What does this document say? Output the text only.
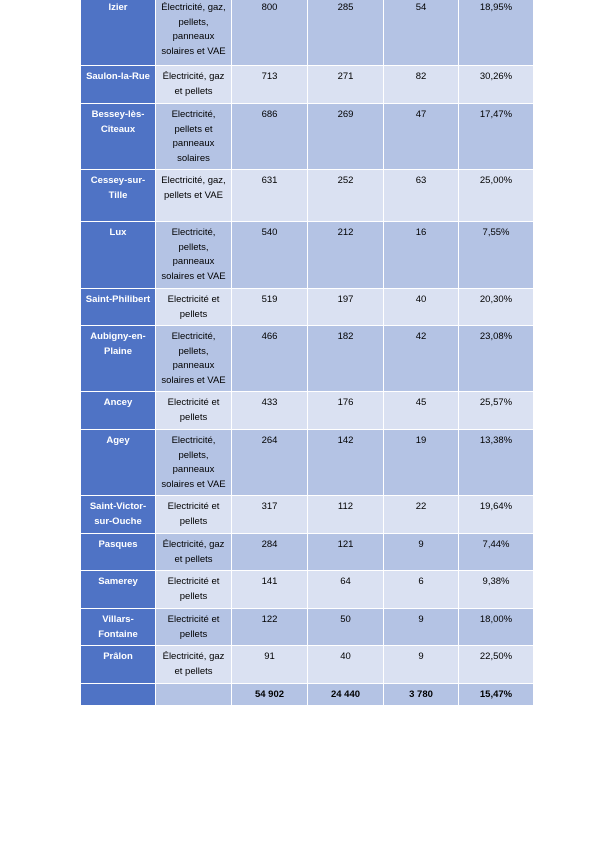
Izier	Électricité, gaz, pellets, panneaux solaires et VAE	800	285	54	18,95%
Saulon-la-Rue	Électricité, gaz et pellets	713	271	82	30,26%
Bessey-lès-Cîteaux	Electricité, pellets et panneaux solaires	686	269	47	17,47%
Cessey-sur-Tille	Electricité, gaz, pellets et VAE	631	252	63	25,00%
Lux	Electricité, pellets, panneaux solaires et VAE	540	212	16	7,55%
Saint-Philibert	Electricité et pellets	519	197	40	20,30%
Aubigny-en-Plaine	Electricité, pellets, panneaux solaires et VAE	466	182	42	23,08%
Ancey	Electricité et pellets	433	176	45	25,57%
Agey	Electricité, pellets, panneaux solaires et VAE	264	142	19	13,38%
Saint-Victor-sur-Ouche	Electricité et pellets	317	112	22	19,64%
Pasques	Électricité, gaz et pellets	284	121	9	7,44%
Samerey	Electricité et pellets	141	64	6	9,38%
Villars-Fontaine	Electricité et pellets	122	50	9	18,00%
Prâlon	Électricité, gaz et pellets	91	40	9	22,50%
		54 902	24 440	3 780	15,47%
